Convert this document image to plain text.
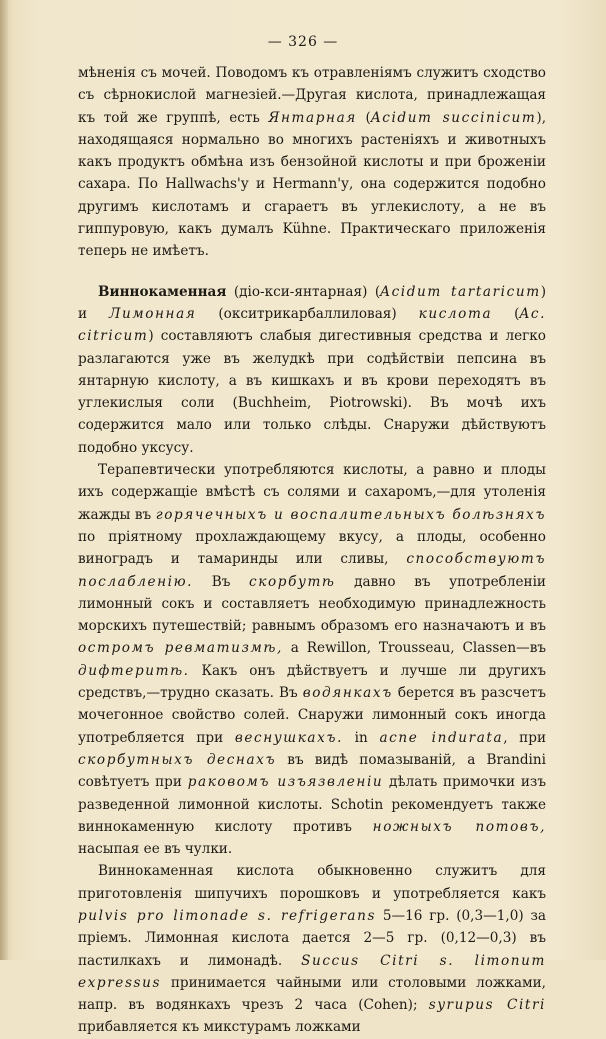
— 326 —

мѣненія съ мочей. Поводомъ къ отравленіямъ служитъ сходство съ сѣрнокислой магнезіей.—Другая кислота, принадлежащая къ той же группѣ, есть Янтарная (Acidum succinicum), находящаяся нормально во многихъ растеніяхъ и животныхъ какъ продуктъ обмѣна изъ бензойной кислоты и при броженіи сахара. По Hallwachs'у и Hermann'у, она содержится подобно другимъ кислотамъ и сгараетъ въ углекислоту, а не въ гиппуровую, какъ думалъ Kühne. Практическаго приложенія теперь не имѣетъ.

Виннокаменная (діо-кси-янтарная) (Acidum tartaricum) и Лимонная (окситрикарбаллиловая) кислота (Ac. citricum) составляютъ слабыя дигестивныя средства и легко разлагаются уже въ желудкѣ при содѣйствіи пепсина въ янтарную кислоту, а въ кишкахъ и въ крови переходятъ въ углекислыя соли (Buchheim, Piotrowski). Въ мочѣ ихъ содержится мало или только слѣды. Снаружи дѣйствуютъ подобно уксусу.

Терапевтически употребляются кислоты, а равно и плоды ихъ содержащіе вмѣстѣ съ солями и сахаромъ,—для утоленія жажды въ горячечныхъ и воспалительныхъ болѣзняхъ по пріятному прохлаждающему вкусу, а плоды, особенно виноградъ и тамаринды или сливы, способствуютъ послабленію. Въ скорбутѣ давно въ употребленіи лимонный сокъ и составляетъ необходимую принадлежность морскихъ путешествій; равнымъ образомъ его назначаютъ и въ остромъ ревматизмѣ, а Rewillon, Trousseau, Classen—въ дифтеритѣ. Какъ онъ дѣйствуетъ и лучше ли другихъ средствъ,—трудно сказать. Въ водянкахъ берется въ разсчетъ мочегонное свойство солей. Снаружи лимонный сокъ иногда употребляется при веснушкахъ. in acne indurata, при скорбутныхъ деснахъ въ видѣ помазываній, а Brandini совѣтуетъ при раковомъ изъязвленіи дѣлать примочки изъ разведенной лимонной кислоты. Schotin рекомендуетъ также виннокаменную кислоту противъ ножныхъ потовъ, насыпая ее въ чулки.

Виннокаменная кислота обыкновенно служитъ для приготовленія шипучихъ порошковъ и употребляется какъ pulvis pro limonade s. refrigerans 5—16 гр. (0,3—1,0) за пріемъ. Лимонная кислота дается 2—5 гр. (0,12—0,3) въ пастилкахъ и лимонадѣ. Succus Citri s. limonum expressus принимается чайными или столовыми ложками, напр. въ водянкахъ чрезъ 2 часа (Cohen); syrupus Citri прибавляется къ микстурамъ ложками
